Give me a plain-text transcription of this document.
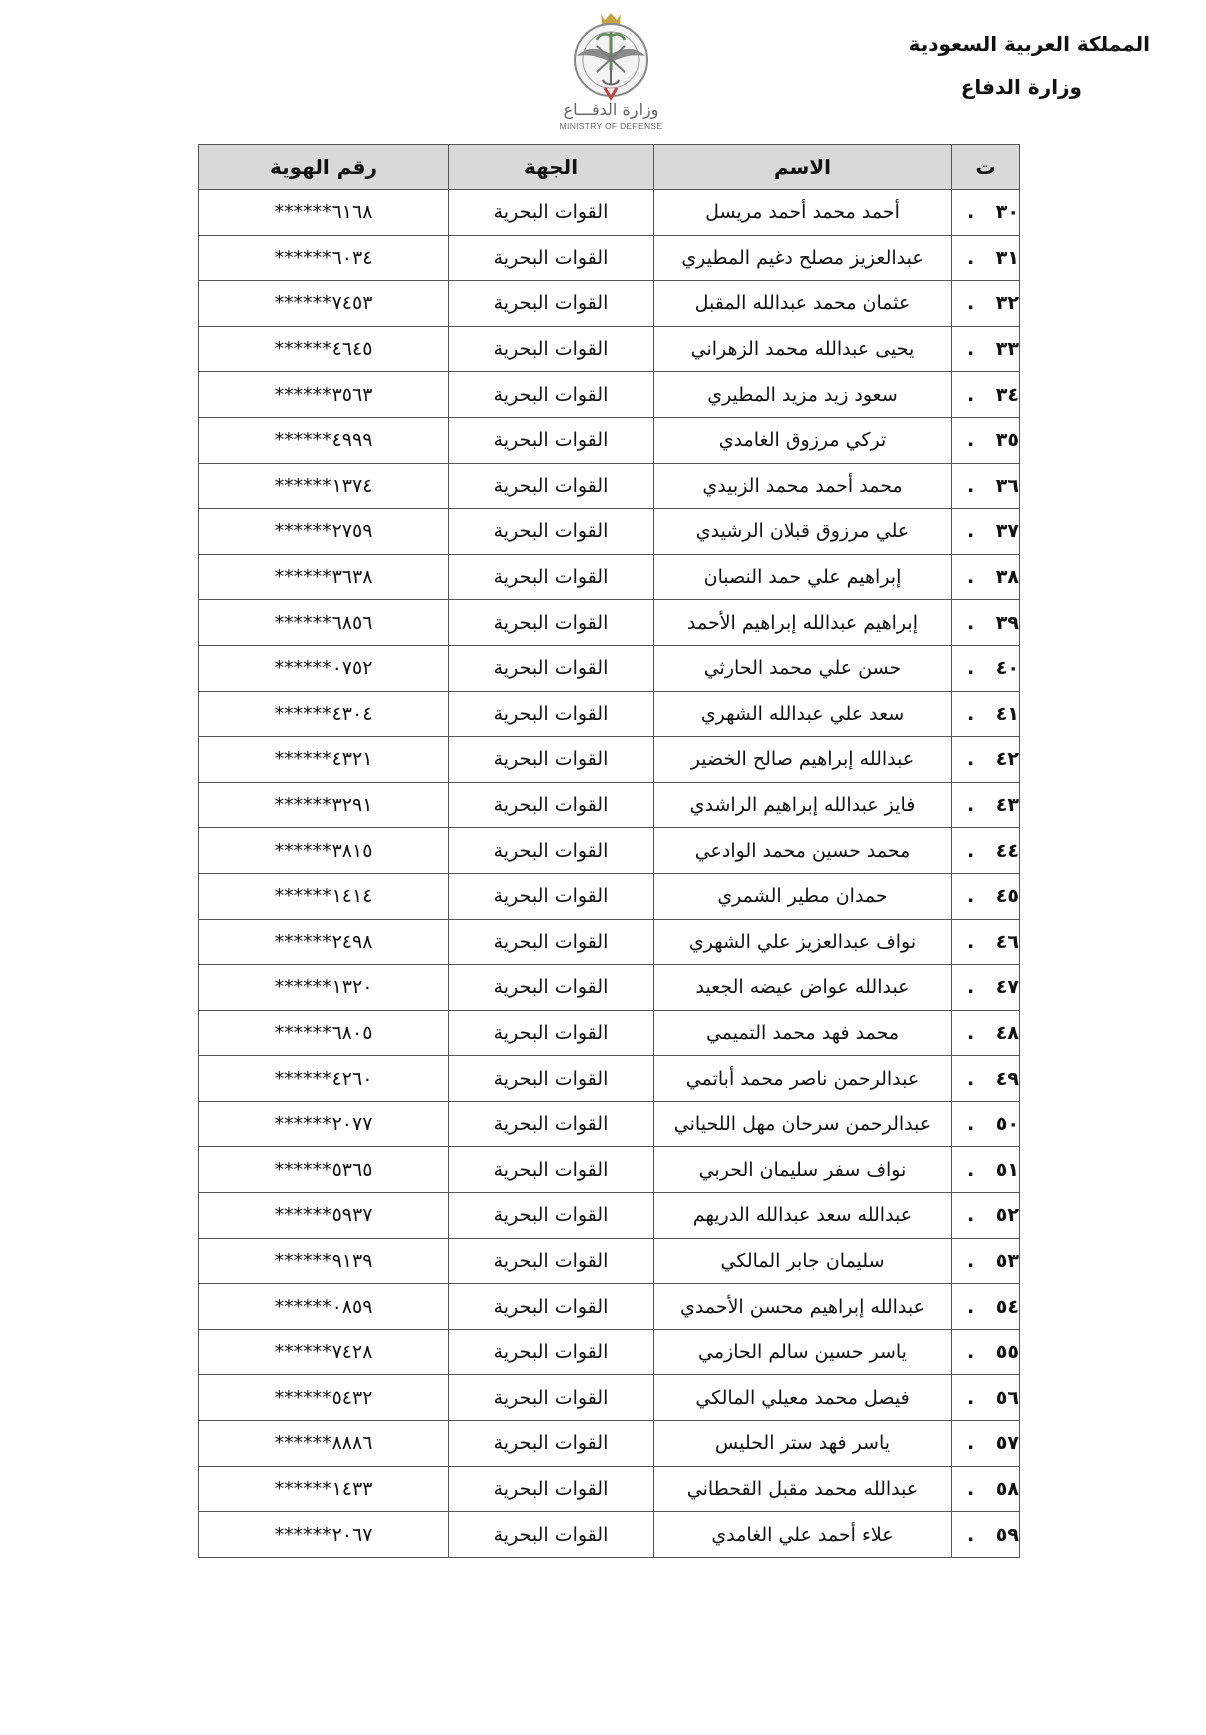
المملكة العربية السعودية
وزارة الدفاع
وزارة الدفـــاع
MINISTRY OF DEFENSE
ت	الاسم	الجهة	رقم الهوية
٣٠.	أحمد محمد أحمد مريسل	القوات البحرية	******٦١٦٨
٣١.	عبدالعزيز مصلح دغيم المطيري	القوات البحرية	******٦٠٣٤
٣٢.	عثمان محمد عبدالله المقبل	القوات البحرية	******٧٤٥٣
٣٣.	يحيى عبدالله محمد الزهراني	القوات البحرية	******٤٦٤٥
٣٤.	سعود زيد مزيد المطيري	القوات البحرية	******٣٥٦٣
٣٥.	تركي مرزوق الغامدي	القوات البحرية	******٤٩٩٩
٣٦.	محمد أحمد محمد الزبيدي	القوات البحرية	******١٣٧٤
٣٧.	علي مرزوق قبلان الرشيدي	القوات البحرية	******٢٧٥٩
٣٨.	إبراهيم علي حمد النصبان	القوات البحرية	******٣٦٣٨
٣٩.	إبراهيم عبدالله إبراهيم الأحمد	القوات البحرية	******٦٨٥٦
٤٠.	حسن علي محمد الحارثي	القوات البحرية	******٠٧٥٢
٤١.	سعد علي عبدالله الشهري	القوات البحرية	******٤٣٠٤
٤٢.	عبدالله إبراهيم صالح الخضير	القوات البحرية	******٤٣٢١
٤٣.	فايز عبدالله إبراهيم الراشدي	القوات البحرية	******٣٢٩١
٤٤.	محمد حسين محمد الوادعي	القوات البحرية	******٣٨١٥
٤٥.	حمدان مطير الشمري	القوات البحرية	******١٤١٤
٤٦.	نواف عبدالعزيز علي الشهري	القوات البحرية	******٢٤٩٨
٤٧.	عبدالله عواض عيضه الجعيد	القوات البحرية	******١٣٢٠
٤٨.	محمد فهد محمد التميمي	القوات البحرية	******٦٨٠٥
٤٩.	عبدالرحمن ناصر محمد أباتمي	القوات البحرية	******٤٢٦٠
٥٠.	عبدالرحمن سرحان مهل اللحياني	القوات البحرية	******٢٠٧٧
٥١.	نواف سفر سليمان الحربي	القوات البحرية	******٥٣٦٥
٥٢.	عبدالله سعد عبدالله الدريهم	القوات البحرية	******٥٩٣٧
٥٣.	سليمان جابر المالكي	القوات البحرية	******٩١٣٩
٥٤.	عبدالله إبراهيم محسن الأحمدي	القوات البحرية	******٠٨٥٩
٥٥.	ياسر حسين سالم الحازمي	القوات البحرية	******٧٤٢٨
٥٦.	فيصل محمد معيلي المالكي	القوات البحرية	******٥٤٣٢
٥٧.	ياسر فهد ستر الحليس	القوات البحرية	******٨٨٨٦
٥٨.	عبدالله محمد مقبل القحطاني	القوات البحرية	******١٤٣٣
٥٩.	علاء أحمد علي الغامدي	القوات البحرية	******٢٠٦٧
